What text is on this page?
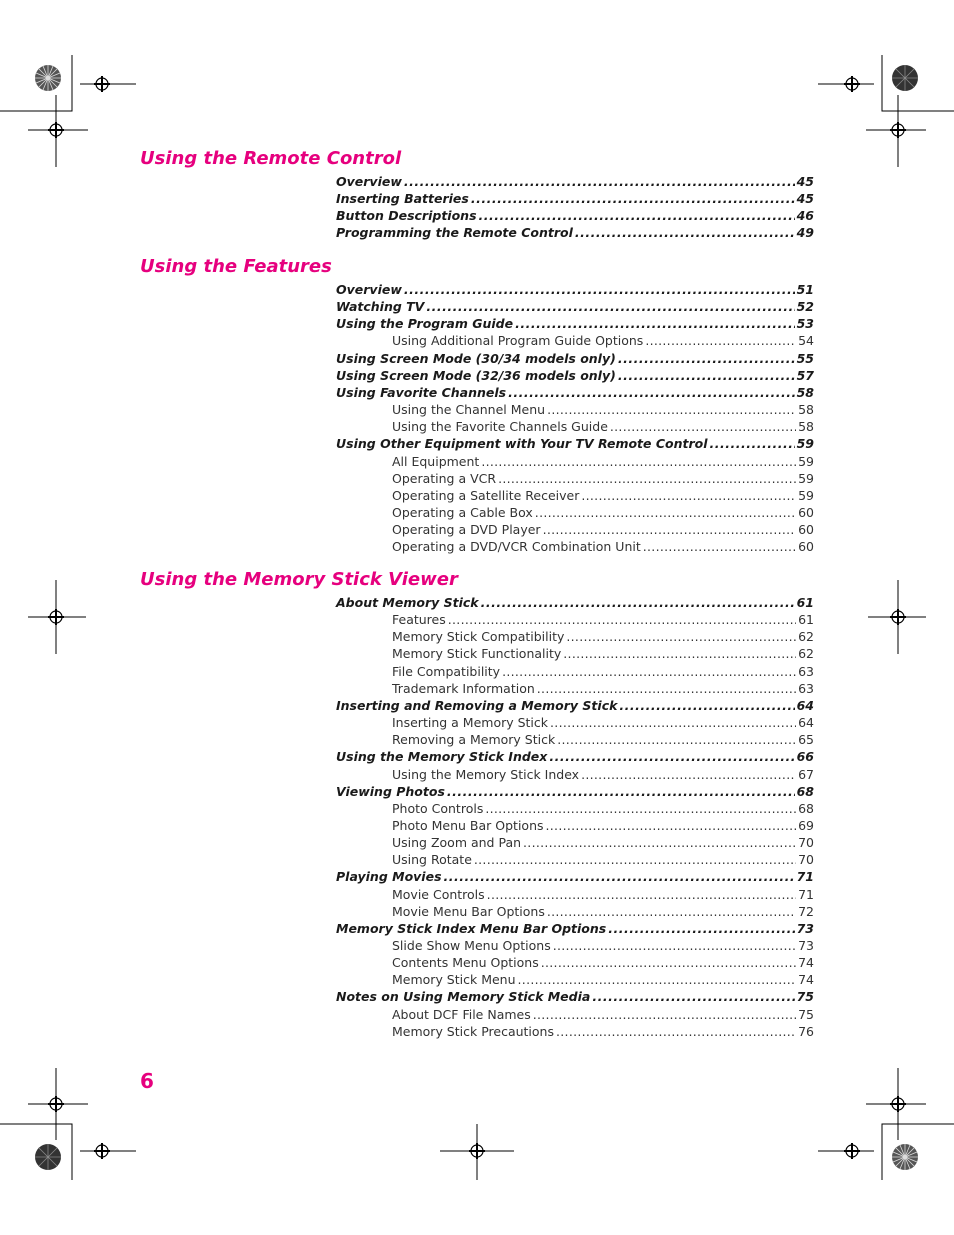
Using the Remote Control
Using the Features
Using the Memory Stick Viewer
Overview .....	45
Inserting Batteries .....	45
Button Descriptions .....	46
Programming the Remote Control .....	49
Overview .....	51
Watching TV .....	52
Using the Program Guide .....	53
Using Additional Program Guide Options .....	54
Using Screen Mode (30/34 models only) .....	55
Using Screen Mode (32/36 models only) .....	57
Using Favorite Channels .....	58
Using the Channel Menu .....	58
Using the Favorite Channels Guide .....	58
Using Other Equipment with Your TV Remote Control .....	59
All Equipment .....	59
Operating a VCR .....	59
Operating a Satellite Receiver .....	59
Operating a Cable Box .....	60
Operating a DVD Player .....	60
Operating a DVD/VCR Combination Unit .....	60
About Memory Stick .....	61
Features .....	61
Memory Stick Compatibility .....	62
Memory Stick Functionality .....	62
File Compatibility .....	63
Trademark Information .....	63
Inserting and Removing a Memory Stick .....	64
Inserting a Memory Stick .....	64
Removing a Memory Stick .....	65
Using the Memory Stick Index .....	66
Using the Memory Stick Index .....	67
Viewing Photos .....	68
Photo Controls .....	68
Photo Menu Bar Options .....	69
Using Zoom and Pan .....	70
Using Rotate .....	70
Playing Movies .....	71
Movie Controls .....	71
Movie Menu Bar Options .....	72
Memory Stick Index Menu Bar Options .....	73
Slide Show Menu Options .....	73
Contents Menu Options .....	74
Memory Stick Menu .....	74
Notes on Using Memory Stick Media .....	75
About DCF File Names .....	75
Memory Stick Precautions .....	76

6
